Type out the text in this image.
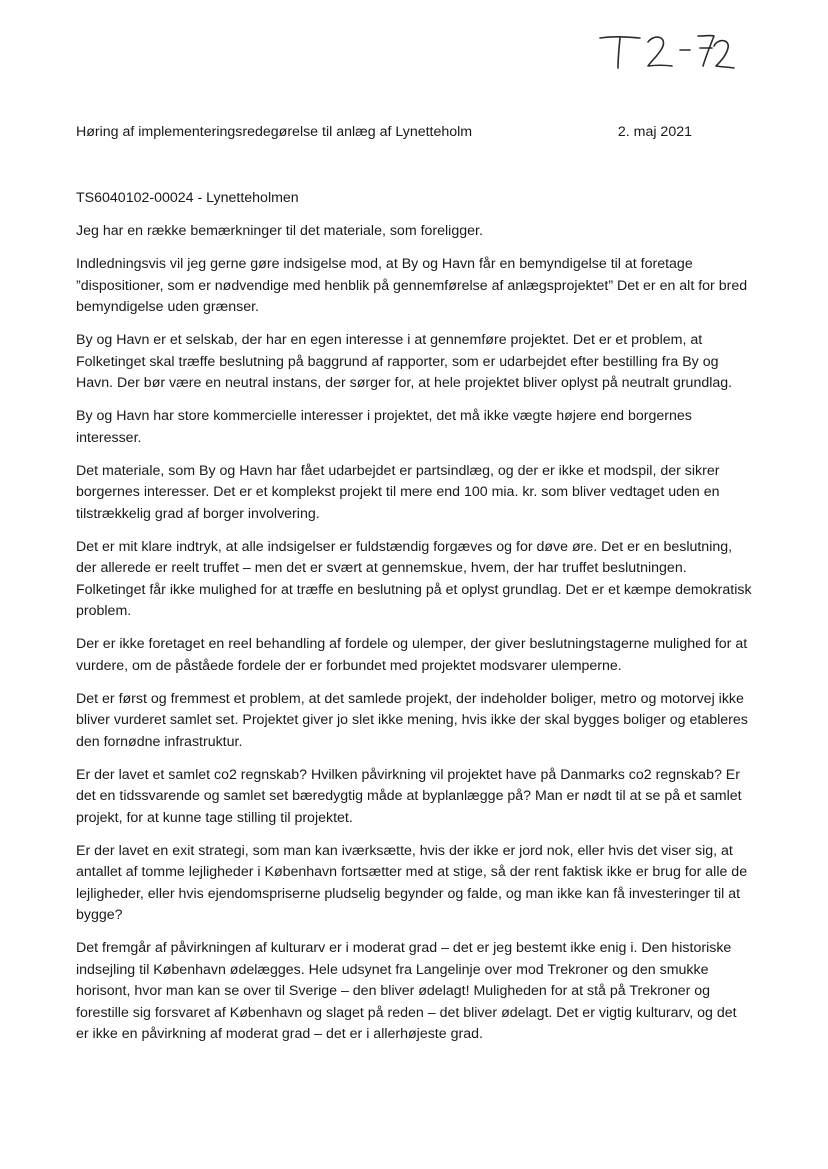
Høring af implementeringsredegørelse til anlæg af Lynetteholm	2. maj 2021

TS6040102-00024 - Lynetteholmen

Jeg har en række bemærkninger til det materiale, som foreligger.

Indledningsvis vil jeg gerne gøre indsigelse mod, at By og Havn får en bemyndigelse til at foretage ”dispositioner, som er nødvendige med henblik på gennemførelse af anlægsprojektet” Det er en alt for bred bemyndigelse uden grænser.

By og Havn er et selskab, der har en egen interesse i at gennemføre projektet. Det er et problem, at Folketinget skal træffe beslutning på baggrund af rapporter, som er udarbejdet efter bestilling fra By og Havn. Der bør være en neutral instans, der sørger for, at hele projektet bliver oplyst på neutralt grundlag.

By og Havn har store kommercielle interesser i projektet, det må ikke vægte højere end borgernes interesser.

Det materiale, som By og Havn har fået udarbejdet er partsindlæg, og der er ikke et modspil, der sikrer borgernes interesser. Det er et komplekst projekt til mere end 100 mia. kr. som bliver vedtaget uden en tilstrækkelig grad af borger involvering.

Det er mit klare indtryk, at alle indsigelser er fuldstændig forgæves og for døve øre. Det er en beslutning, der allerede er reelt truffet – men det er svært at gennemskue, hvem, der har truffet beslutningen. Folketinget får ikke mulighed for at træffe en beslutning på et oplyst grundlag. Det er et kæmpe demokratisk problem.

Der er ikke foretaget en reel behandling af fordele og ulemper, der giver beslutningstagerne mulighed for at vurdere, om de påståede fordele der er forbundet med projektet modsvarer ulemperne.

Det er først og fremmest et problem, at det samlede projekt, der indeholder boliger, metro og motorvej ikke bliver vurderet samlet set. Projektet giver jo slet ikke mening, hvis ikke der skal bygges boliger og etableres den fornødne infrastruktur.

Er der lavet et samlet co2 regnskab? Hvilken påvirkning vil projektet have på Danmarks co2 regnskab? Er det en tidssvarende og samlet set bæredygtig måde at byplanlægge på? Man er nødt til at se på et samlet projekt, for at kunne tage stilling til projektet.

Er der lavet en exit strategi, som man kan iværksætte, hvis der ikke er jord nok, eller hvis det viser sig, at antallet af tomme lejligheder i København fortsætter med at stige, så der rent faktisk ikke er brug for alle de lejligheder, eller hvis ejendomspriserne pludselig begynder og falde, og man ikke kan få investeringer til at bygge?

Det fremgår af påvirkningen af kulturarv er i moderat grad – det er jeg bestemt ikke enig i. Den historiske indsejling til København ødelægges. Hele udsynet fra Langelinje over mod Trekroner og den smukke horisont, hvor man kan se over til Sverige – den bliver ødelagt! Muligheden for at stå på Trekroner og forestille sig forsvaret af København og slaget på reden – det bliver ødelagt. Det er vigtig kulturarv, og det er ikke en påvirkning af moderat grad – det er i allerhøjeste grad.
